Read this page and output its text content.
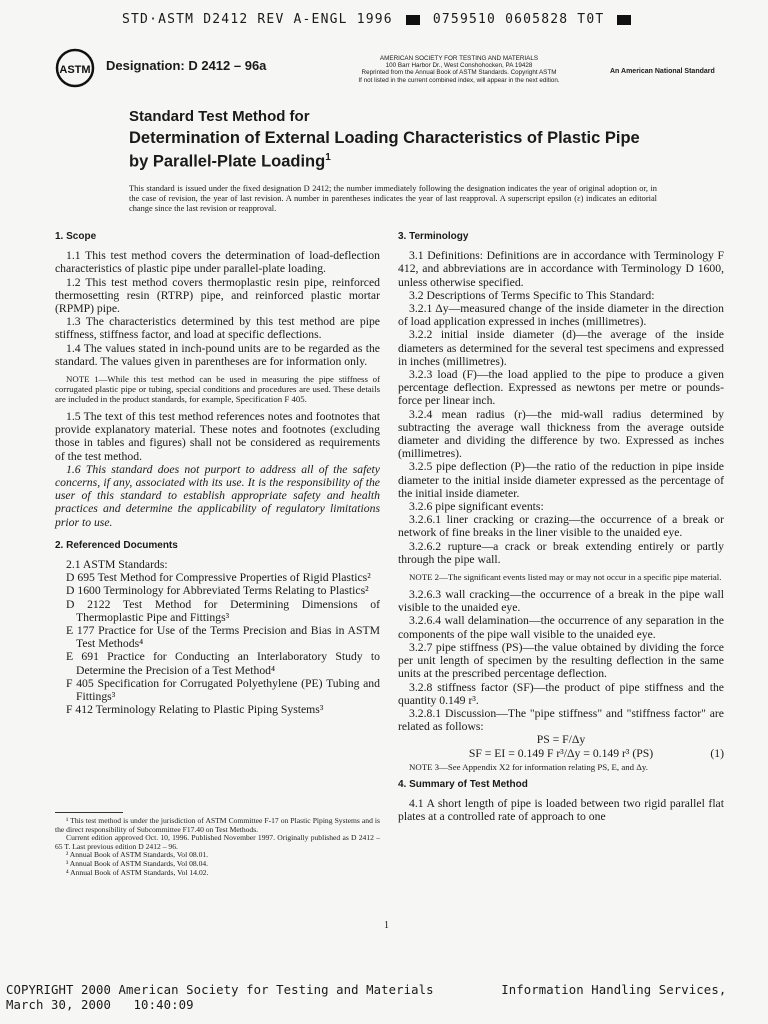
STD·ASTM D2412 REV A-ENGL 1996	0759510 0605828 T0T
ASTM Designation: D 2412 – 96a	AMERICAN SOCIETY FOR TESTING AND MATERIALS
100 Barr Harbor Dr., West Conshohocken, PA 19428
Reprinted from the Annual Book of ASTM Standards. Copyright ASTM
If not listed in the current combined index, will appear in the next edition.
An American National Standard
Standard Test Method for
Determination of External Loading Characteristics of Plastic Pipe by Parallel-Plate Loading$^1$
This standard is issued under the fixed designation D 2412; the number immediately following the designation indicates the year of original adoption or, in the case of revision, the year of last revision. A number in parentheses indicates the year of last reapproval. A superscript epsilon (ε) indicates an editorial change since the last revision or reapproval.

1. Scope

1.1 This test method covers the determination of load-deflection characteristics of plastic pipe under parallel-plate loading.

1.2 This test method covers thermoplastic resin pipe, reinforced thermosetting resin (RTRP) pipe, and reinforced plastic mortar (RPMP) pipe.

1.3 The characteristics determined by this test method are pipe stiffness, stiffness factor, and load at specific deflections.

1.4 The values stated in inch-pound units are to be regarded as the standard. The values given in parentheses are for information only.

NOTE 1—While this test method can be used in measuring the pipe stiffness of corrugated plastic pipe or tubing, special conditions and procedures are used. These details are included in the product standards, for example, Specification F 405.

1.5 The text of this test method references notes and footnotes that provide explanatory material. These notes and footnotes (excluding those in tables and figures) shall not be considered as requirements of the test method.

1.6 This standard does not purport to address all of the safety concerns, if any, associated with its use. It is the responsibility of the user of this standard to establish appropriate safety and health practices and determine the applicability of regulatory limitations prior to use.

2. Referenced Documents

2.1 ASTM Standards:

D 695 Test Method for Compressive Properties of Rigid Plastics²

D 1600 Terminology for Abbreviated Terms Relating to Plastics²

D 2122 Test Method for Determining Dimensions of Thermoplastic Pipe and Fittings³

E 177 Practice for Use of the Terms Precision and Bias in ASTM Test Methods⁴

E 691 Practice for Conducting an Interlaboratory Study to Determine the Precision of a Test Method⁴

F 405 Specification for Corrugated Polyethylene (PE) Tubing and Fittings³

F 412 Terminology Relating to Plastic Piping Systems³

¹ This test method is under the jurisdiction of ASTM Committee F-17 on Plastic Piping Systems and is the direct responsibility of Subcommittee F17.40 on Test Methods.

Current edition approved Oct. 10, 1996. Published November 1997. Originally published as D 2412 – 65 T. Last previous edition D 2412 – 96.

² Annual Book of ASTM Standards, Vol 08.01.

³ Annual Book of ASTM Standards, Vol 08.04.

⁴ Annual Book of ASTM Standards, Vol 14.02.

3. Terminology

3.1 Definitions: Definitions are in accordance with Terminology F 412, and abbreviations are in accordance with Terminology D 1600, unless otherwise specified.

3.2 Descriptions of Terms Specific to This Standard:

3.2.1 Δy—measured change of the inside diameter in the direction of load application expressed in inches (millimetres).

3.2.2 initial inside diameter (d)—the average of the inside diameters as determined for the several test specimens and expressed in inches (millimetres).

3.2.3 load (F)—the load applied to the pipe to produce a given percentage deflection. Expressed as newtons per metre or pounds-force per linear inch.

3.2.4 mean radius (r)—the mid-wall radius determined by subtracting the average wall thickness from the average outside diameter and dividing the difference by two. Expressed as inches (millimetres).

3.2.5 pipe deflection (P)—the ratio of the reduction in pipe inside diameter to the initial inside diameter expressed as the percentage of the initial inside diameter.

3.2.6 pipe significant events:

3.2.6.1 liner cracking or crazing—the occurrence of a break or network of fine breaks in the liner visible to the unaided eye.

3.2.6.2 rupture—a crack or break extending entirely or partly through the pipe wall.

NOTE 2—The significant events listed may or may not occur in a specific pipe material.

3.2.6.3 wall cracking—the occurrence of a break in the pipe wall visible to the unaided eye.

3.2.6.4 wall delamination—the occurrence of any separation in the components of the pipe wall visible to the unaided eye.

3.2.7 pipe stiffness (PS)—the value obtained by dividing the force per unit length of specimen by the resulting deflection in the same units at the prescribed percentage deflection.

3.2.8 stiffness factor (SF)—the product of pipe stiffness and the quantity 0.149 r³.

3.2.8.1 Discussion—The "pipe stiffness" and "stiffness factor" are related as follows:

PS = F/Δy

SF = EI = 0.149 F r³/Δy = 0.149 r³ (PS)	(1)

NOTE 3—See Appendix X2 for information relating PS, E, and Δy.

4. Summary of Test Method

4.1 A short length of pipe is loaded between two rigid parallel flat plates at a controlled rate of approach to one

1
COPYRIGHT 2000 American Society for Testing and Materials         Information Handling Services,
March 30, 2000   10:40:09
